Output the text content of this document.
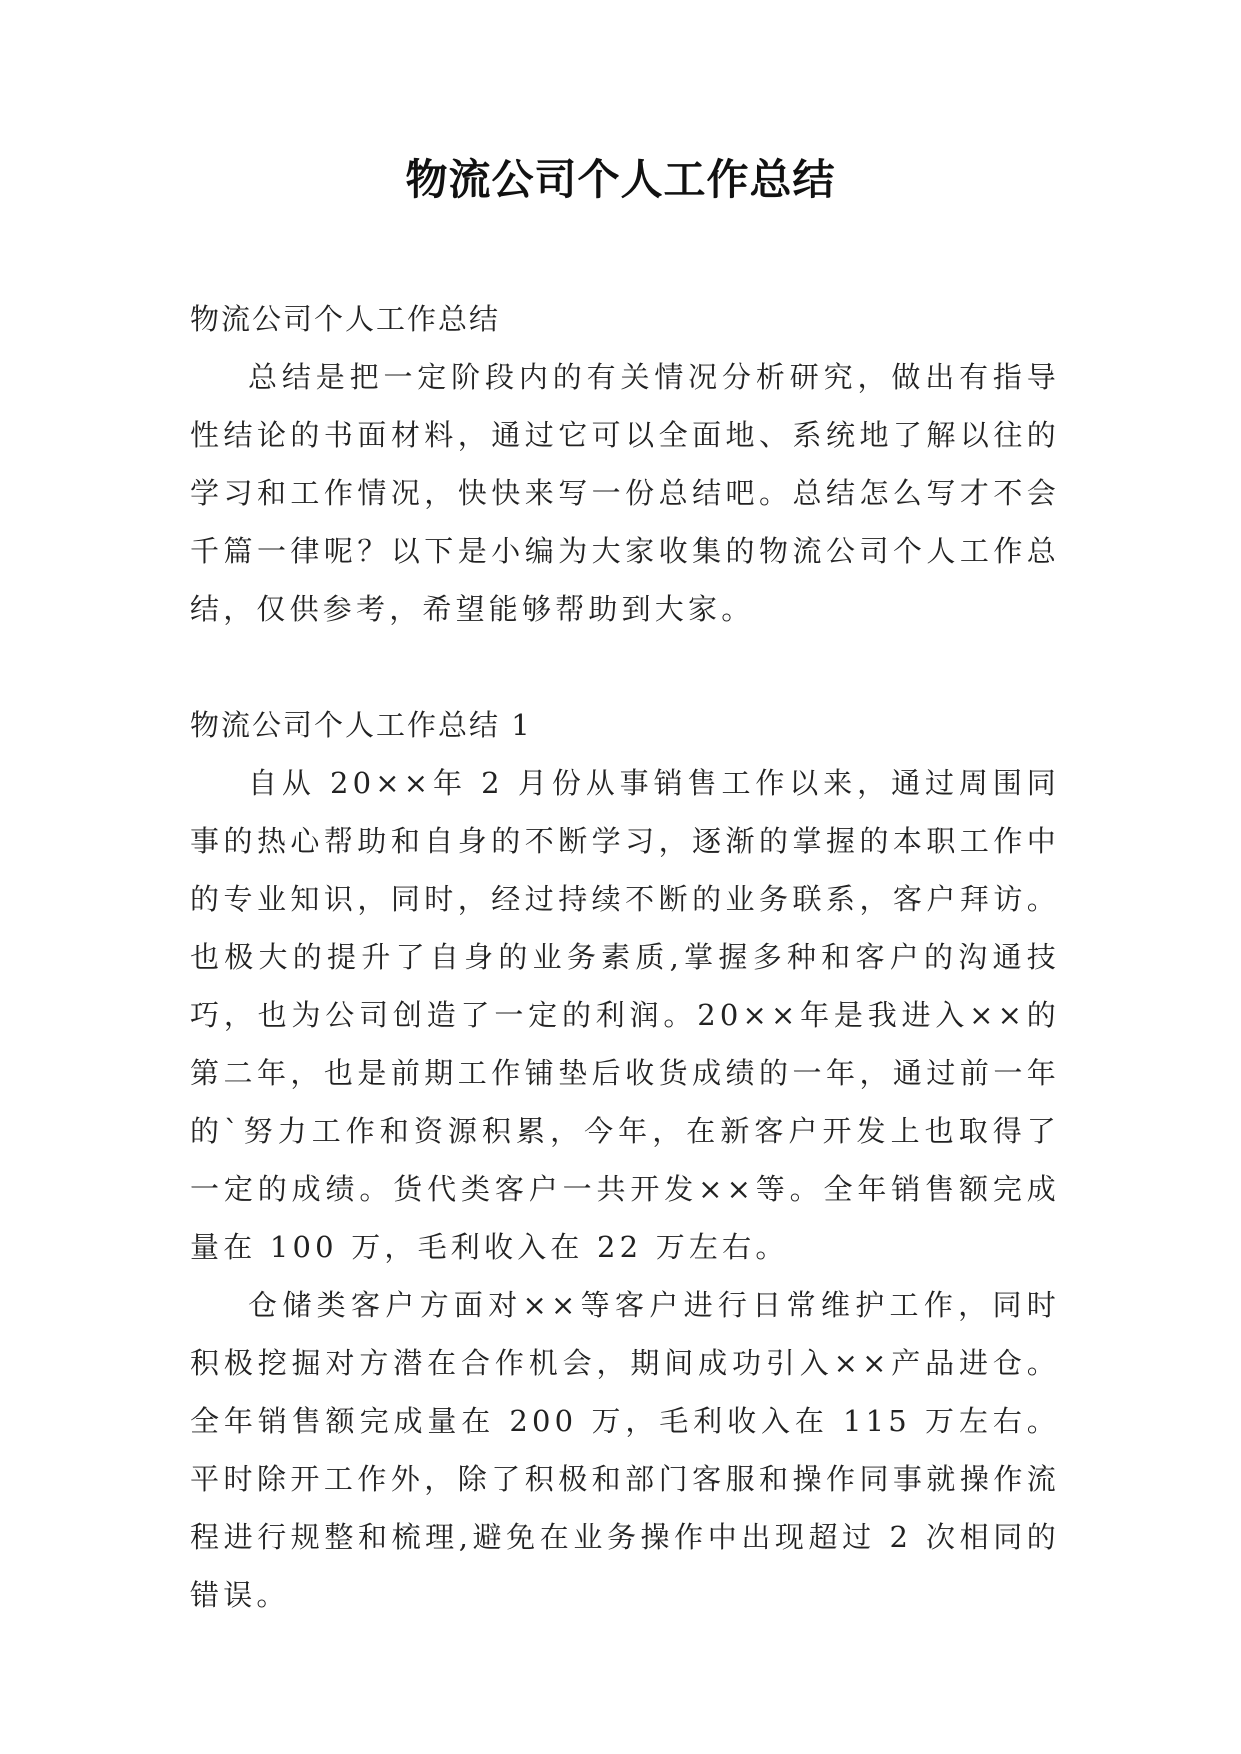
物流公司个人工作总结

物流公司个人工作总结

总结是把一定阶段内的有关情况分析研究，做出有指导性结论的书面材料，通过它可以全面地、系统地了解以往的学习和工作情况，快快来写一份总结吧。总结怎么写才不会千篇一律呢？以下是小编为大家收集的物流公司个人工作总结，仅供参考，希望能够帮助到大家。

物流公司个人工作总结 1

自从 20××年 2 月份从事销售工作以来，通过周围同事的热心帮助和自身的不断学习，逐渐的掌握的本职工作中的专业知识，同时，经过持续不断的业务联系，客户拜访。也极大的提升了自身的业务素质,掌握多种和客户的沟通技巧，也为公司创造了一定的利润。20××年是我进入××的第二年，也是前期工作铺垫后收货成绩的一年，通过前一年的`努力工作和资源积累，今年，在新客户开发上也取得了一定的成绩。货代类客户一共开发××等。全年销售额完成量在 100 万，毛利收入在 22 万左右。

仓储类客户方面对××等客户进行日常维护工作，同时积极挖掘对方潜在合作机会，期间成功引入××产品进仓。全年销售额完成量在 200 万，毛利收入在 115 万左右。平时除开工作外，除了积极和部门客服和操作同事就操作流程进行规整和梳理,避免在业务操作中出现超过 2 次相同的错误。
